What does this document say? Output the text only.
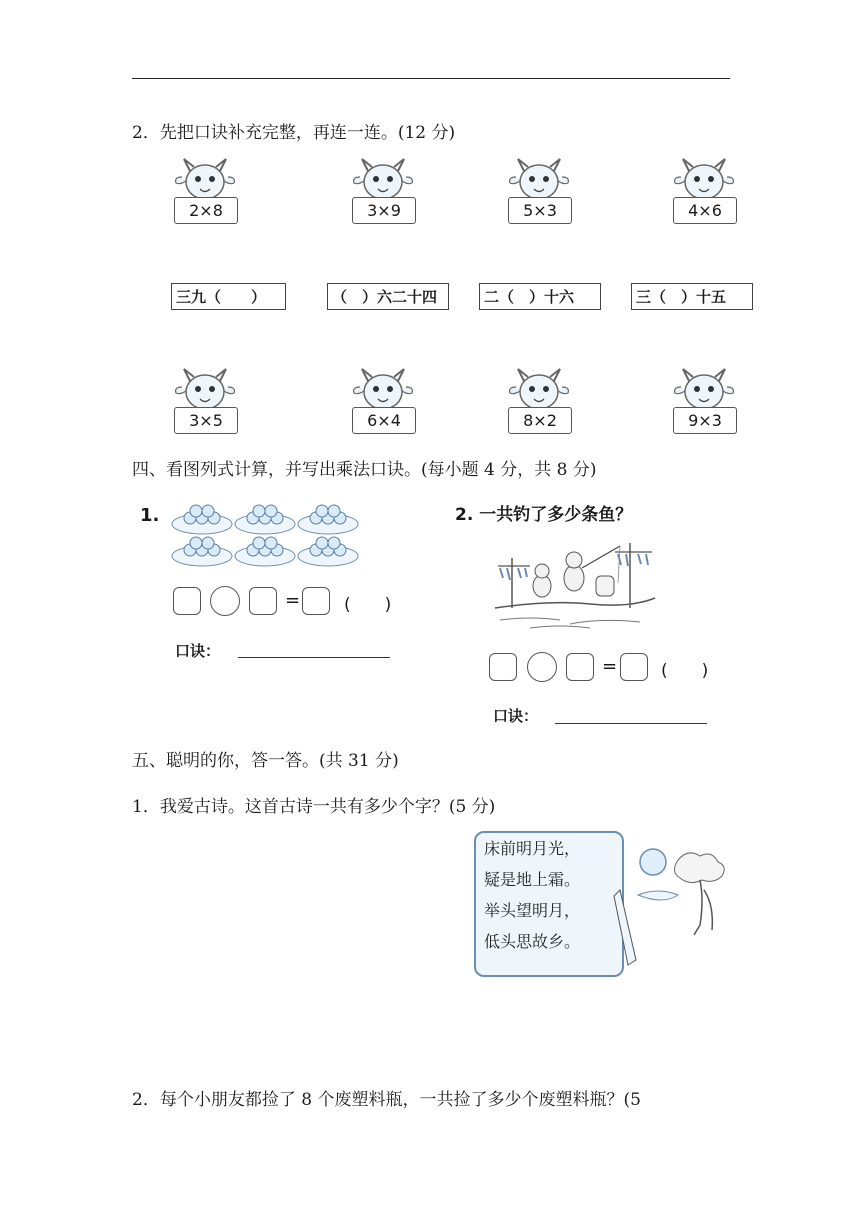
2．先把口诀补充完整，再连一连。(12 分)
2×8	3×9	5×3	4×6
3×5	6×4	8×2	9×3
三九（　　）	（　）六二十四	二（　）十六	三（　）十五
四、看图列式计算，并写出乘法口诀。(每小题 4 分，共 8 分)
1.
=	(　　)
口诀：
2. 一共钓了多少条鱼？
=	(　　)
口诀：
五、聪明的你，答一答。(共 31 分)
1．我爱古诗。这首古诗一共有多少个字？(5 分)
床前明月光，
疑是地上霜。
举头望明月，
低头思故乡。
2．每个小朋友都捡了 8 个废塑料瓶，一共捡了多少个废塑料瓶？(5
